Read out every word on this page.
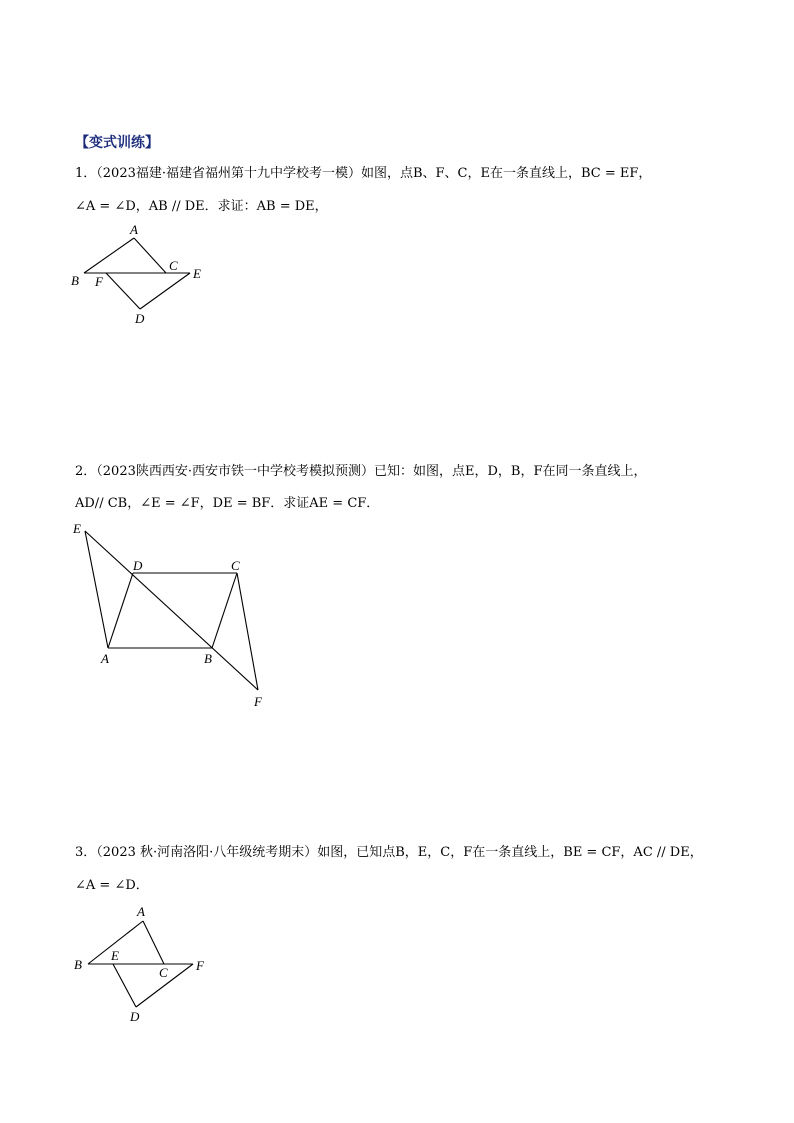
【变式训练】
1．（2023福建·福建省福州第十九中学校考一模）如图，点B、F、C，E在一条直线上，BC = EF，
∠A = ∠D，AB // DE．求证：AB = DE，
A
B F
C
E
D
2．（2023陕西西安·西安市铁一中学校考模拟预测）已知：如图，点E，D，B，F在同一条直线上，
AD// CB，∠E = ∠F，DE = BF．求证AE = CF．
E
D	C
A	B
F
3．（2023 秋·河南洛阳·八年级统考期末）如图，已知点B，E，C，F在一条直线上，BE = CF，AC // DE，
∠A = ∠D．
A
B
E
C F
D
